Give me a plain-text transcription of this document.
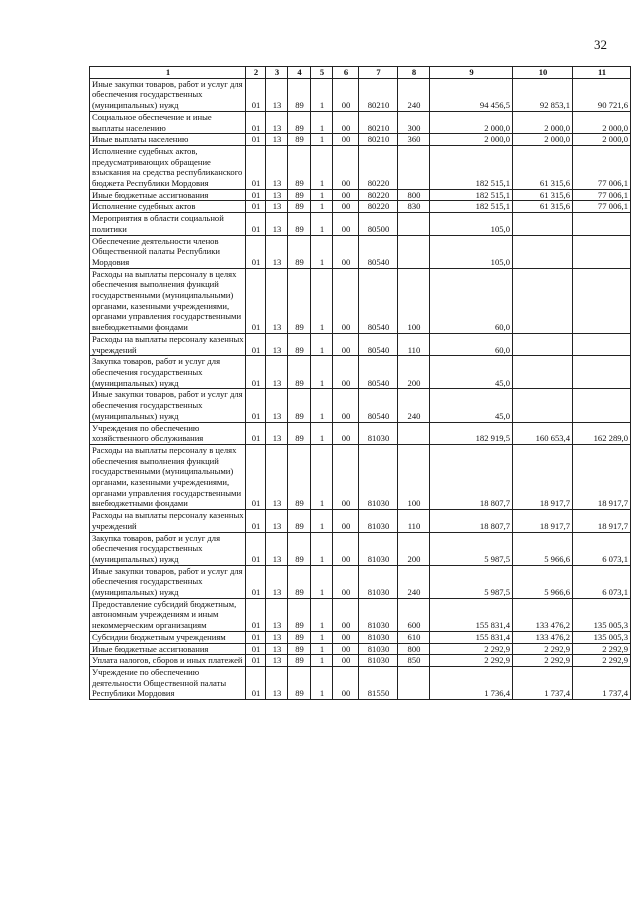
32
1	2	3	4	5	6	7	8	9	10	11
Иные закупки товаров, работ и услуг для обеспечения государственных (муниципальных) нужд	01	13	89	1	00	80210	240	94 456,5	92 853,1	90 721,6
Социальное обеспечение и иные выплаты населению	01	13	89	1	00	80210	300	2 000,0	2 000,0	2 000,0
Иные выплаты населению	01	13	89	1	00	80210	360	2 000,0	2 000,0	2 000,0
Исполнение судебных актов, предусматривающих обращение взыскания на средства республиканского бюджета Республики Мордовия	01	13	89	1	00	80220		182 515,1	61 315,6	77 006,1
Иные бюджетные ассигнования	01	13	89	1	00	80220	800	182 515,1	61 315,6	77 006,1
Исполнение судебных актов	01	13	89	1	00	80220	830	182 515,1	61 315,6	77 006,1
Мероприятия в области социальной политики	01	13	89	1	00	80500		105,0		
Обеспечение деятельности членов Общественной палаты Республики Мордовия	01	13	89	1	00	80540		105,0		
Расходы на выплаты персоналу в целях обеспечения выполнения функций государственными (муниципальными) органами, казенными учреждениями, органами управления государственными внебюджетными фондами	01	13	89	1	00	80540	100	60,0		
Расходы на выплаты персоналу казенных учреждений	01	13	89	1	00	80540	110	60,0		
Закупка товаров, работ и услуг для обеспечения государственных (муниципальных) нужд	01	13	89	1	00	80540	200	45,0		
Иные закупки товаров, работ и услуг для обеспечения государственных (муниципальных) нужд	01	13	89	1	00	80540	240	45,0		
Учреждения по обеспечению хозяйственного обслуживания	01	13	89	1	00	81030		182 919,5	160 653,4	162 289,0
Расходы на выплаты персоналу в целях обеспечения выполнения функций государственными (муниципальными) органами, казенными учреждениями, органами управления государственными внебюджетными фондами	01	13	89	1	00	81030	100	18 807,7	18 917,7	18 917,7
Расходы на выплаты персоналу казенных учреждений	01	13	89	1	00	81030	110	18 807,7	18 917,7	18 917,7
Закупка товаров, работ и услуг для обеспечения государственных (муниципальных) нужд	01	13	89	1	00	81030	200	5 987,5	5 966,6	6 073,1
Иные закупки товаров, работ и услуг для обеспечения государственных (муниципальных) нужд	01	13	89	1	00	81030	240	5 987,5	5 966,6	6 073,1
Предоставление субсидий бюджетным, автономным учреждениям и иным некоммерческим организациям	01	13	89	1	00	81030	600	155 831,4	133 476,2	135 005,3
Субсидии бюджетным учреждениям	01	13	89	1	00	81030	610	155 831,4	133 476,2	135 005,3
Иные бюджетные ассигнования	01	13	89	1	00	81030	800	2 292,9	2 292,9	2 292,9
Уплата налогов, сборов и иных платежей	01	13	89	1	00	81030	850	2 292,9	2 292,9	2 292,9
Учреждение по обеспечению деятельности Общественной палаты Республики Мордовия	01	13	89	1	00	81550		1 736,4	1 737,4	1 737,4
